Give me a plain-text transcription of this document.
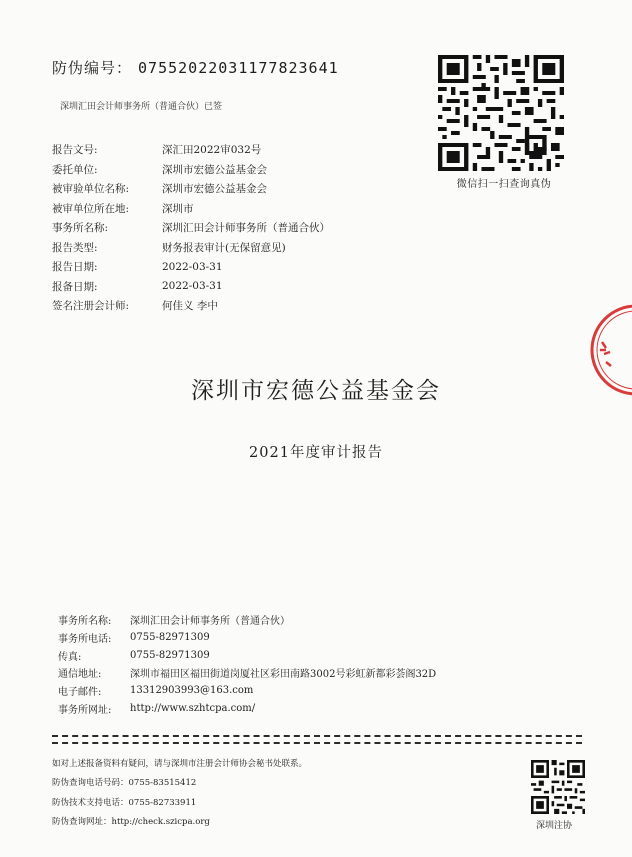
防伪编号： 07552022031177823641
深圳汇田会计师事务所（普通合伙）已签
微信扫一扫查询真伪
报告文号:	深汇田2022审032号
委托单位:	深圳市宏德公益基金会
被审验单位名称:	深圳市宏德公益基金会
被审单位所在地:	深圳市
事务所名称:	深圳汇田会计师事务所（普通合伙）
报告类型:	财务报表审计(无保留意见)
报告日期:	2022-03-31
报备日期:	2022-03-31
签名注册会计师:	何佳义 李中
深圳市宏德公益基金会
2021年度审计报告
事务所名称:	深圳汇田会计师事务所（普通合伙）
事务所电话:	0755-82971309
传真:	0755-82971309
通信地址:	深圳市福田区福田街道岗厦社区彩田南路3002号彩虹新都彩荟阁32D
电子邮件:	13312903993@163.com
事务所网址:	http://www.szhtcpa.com/
如对上述报备资料有疑问，请与深圳市注册会计师协会秘书处联系。
防伪查询电话号码：0755-83515412
防伪技术支持电话：0755-82733911
防伪查询网址：http://check.szicpa.org	深圳注协
